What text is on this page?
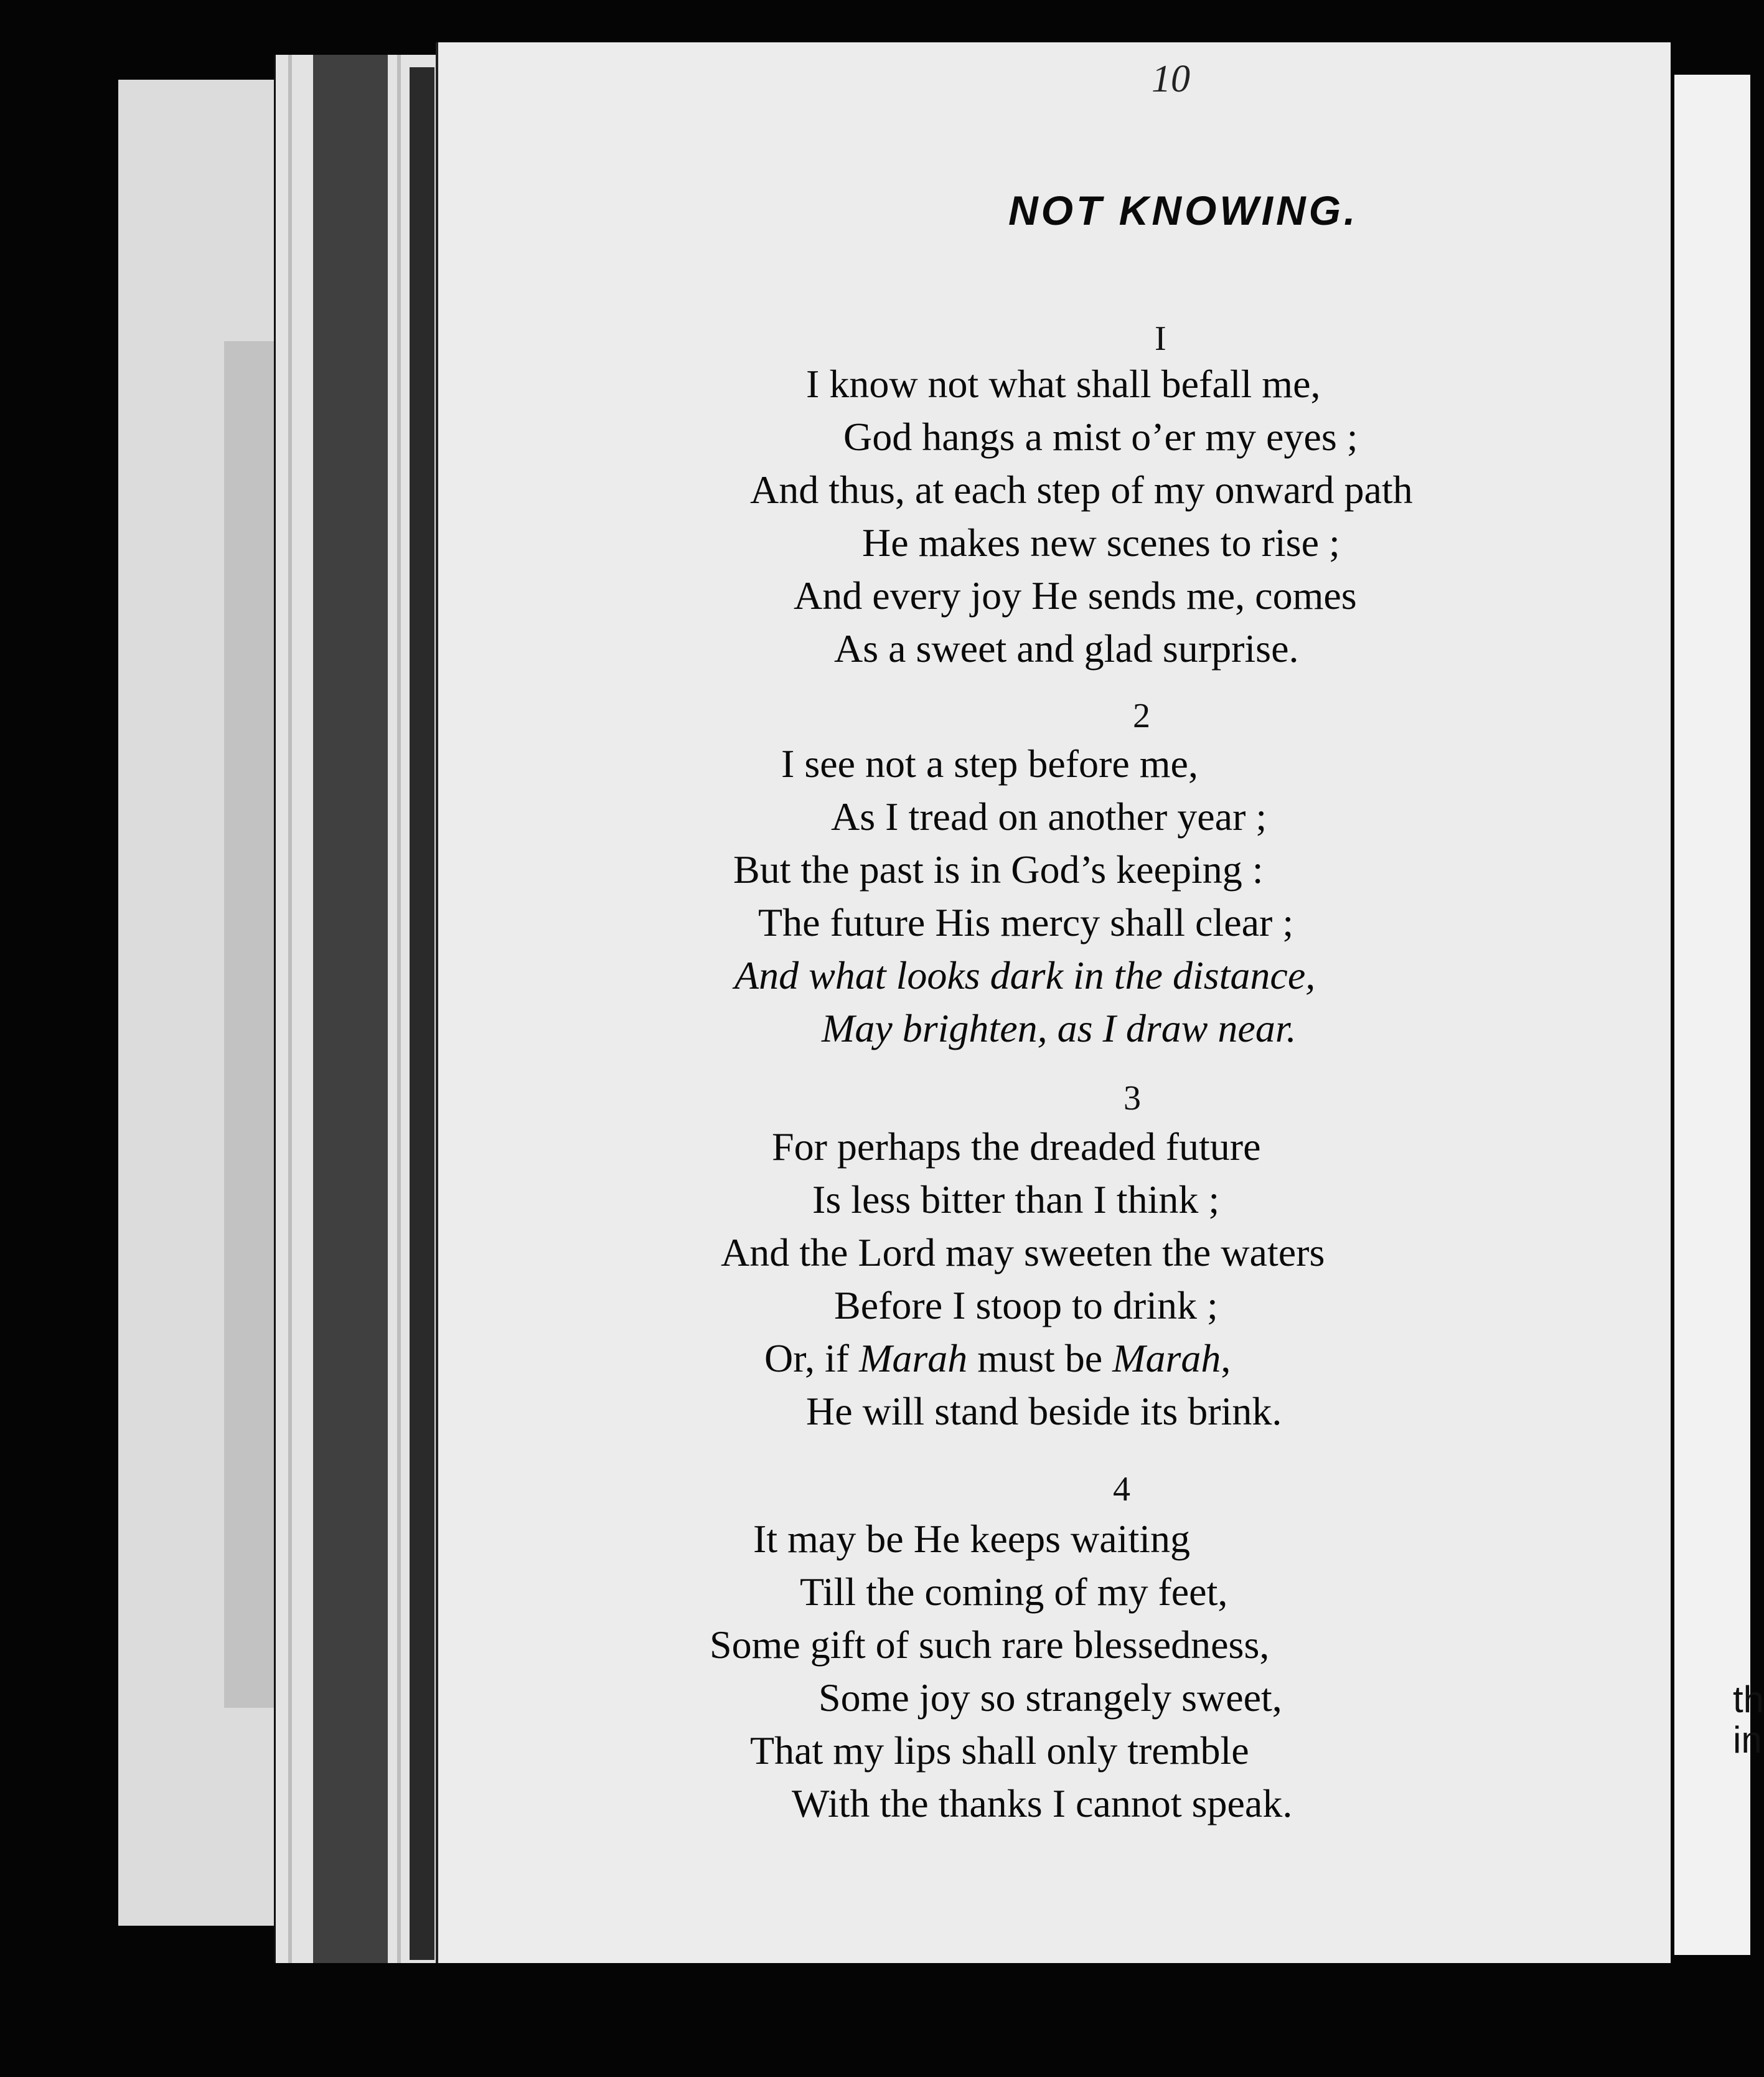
th
in
10
NOT KNOWING.
I
I know not what shall befall me,
God hangs a mist o’er my eyes ;
And thus, at each step of my onward path
He makes new scenes to rise ;
And every joy He sends me, comes
As a sweet and glad surprise.
2
I see not a step before me,
As I tread on another year ;
But the past is in God’s keeping :
The future His mercy shall clear ;
And what looks dark in the distance,
May brighten, as I draw near.
3
For perhaps the dreaded future
Is less bitter than I think ;
And the Lord may sweeten the waters
Before I stoop to drink ;
Or, if Marah must be Marah,
He will stand beside its brink.
4
It may be He keeps waiting
Till the coming of my feet,
Some gift of such rare blessedness,
Some joy so strangely sweet,
That my lips shall only tremble
With the thanks I cannot speak.
